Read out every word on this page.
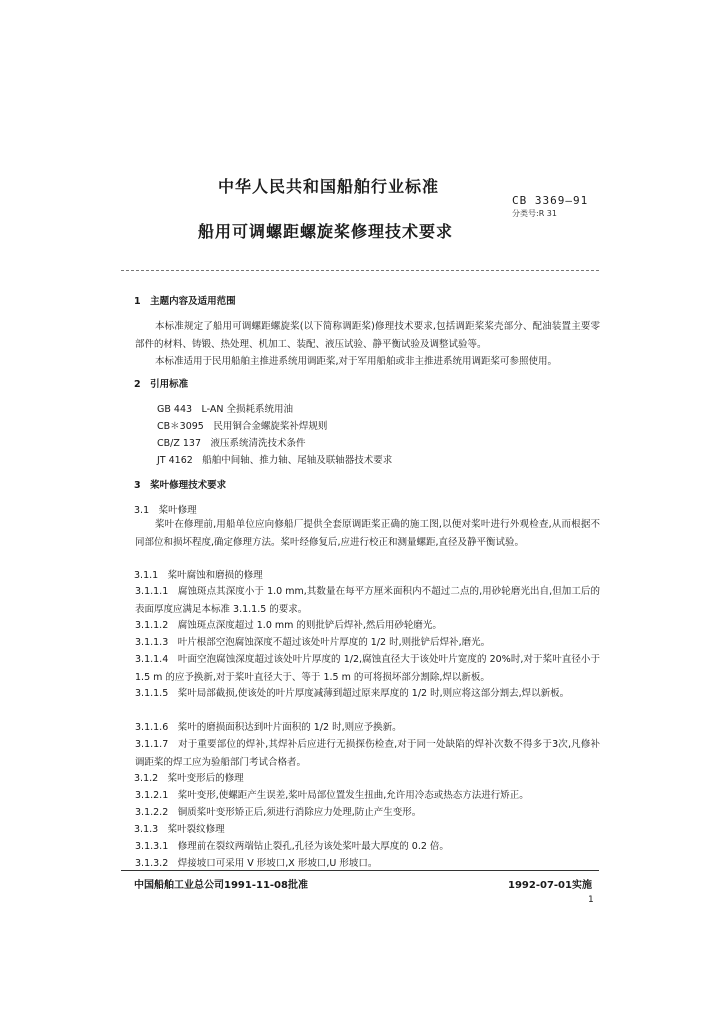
中华人民共和国船舶行业标准
CB 3369—91
分类号:R 31
船用可调螺距螺旋桨修理技术要求
1　主题内容及适用范围
本标准规定了船用可调螺距螺旋桨(以下简称调距桨)修理技术要求,包括调距桨桨壳部分、配油装置主要零部件的材料、铸锻、热处理、机加工、装配、液压试验、静平衡试验及调整试验等。
本标准适用于民用船舶主推进系统用调距桨,对于军用船舶或非主推进系统用调距桨可参照使用。
2　引用标准
GB 443　L-AN 全损耗系统用油
CB＊3095　民用铜合金螺旋桨补焊规则
CB/Z 137　液压系统清洗技术条件
JT 4162　船舶中间轴、推力轴、尾轴及联轴器技术要求
3　桨叶修理技术要求
3.1　桨叶修理
桨叶在修理前,用船单位应向修船厂提供全套原调距桨正确的施工图,以便对桨叶进行外观检查,从而根据不同部位和损坏程度,确定修理方法。桨叶经修复后,应进行校正和测量螺距,直径及静平衡试验。
3.1.1　桨叶腐蚀和磨损的修理
3.1.1.1　腐蚀斑点其深度小于 1.0 mm,其数量在每平方厘米面积内不超过二点的,用砂轮磨光出自,但加工后的表面厚度应满足本标准 3.1.1.5 的要求。
3.1.1.2　腐蚀斑点深度超过 1.0 mm 的则批铲后焊补,然后用砂轮磨光。
3.1.1.3　叶片根部空泡腐蚀深度不超过该处叶片厚度的 1/2 时,则批铲后焊补,磨光。
3.1.1.4　叶面空泡腐蚀深度超过该处叶片厚度的 1/2,腐蚀直径大于该处叶片宽度的 20%时,对于桨叶直径小于 1.5 m 的应予换新,对于桨叶直径大于、等于 1.5 m 的可将损坏部分割除,焊以新板。
3.1.1.5　桨叶局部截损,使该处的叶片厚度减薄到超过原来厚度的 1/2 时,则应将这部分割去,焊以新板。
3.1.1.6　桨叶的磨损面积达到叶片面积的 1/2 时,则应予换新。
3.1.1.7　对于重要部位的焊补,其焊补后应进行无损探伤检查,对于同一处缺陷的焊补次数不得多于3次,凡修补调距桨的焊工应为验船部门考试合格者。
3.1.2　桨叶变形后的修理
3.1.2.1　桨叶变形,使螺距产生误差,桨叶局部位置发生扭曲,允许用冷态或热态方法进行矫正。
3.1.2.2　铜质桨叶变形矫正后,须进行消除应力处理,防止产生变形。
3.1.3　桨叶裂纹修理
3.1.3.1　修理前在裂纹两端钻止裂孔,孔径为该处桨叶最大厚度的 0.2 倍。
3.1.3.2　焊接坡口可采用 V 形坡口,X 形坡口,U 形坡口。
中国船舶工业总公司1991-11-08批准	1992-07-01实施
1
